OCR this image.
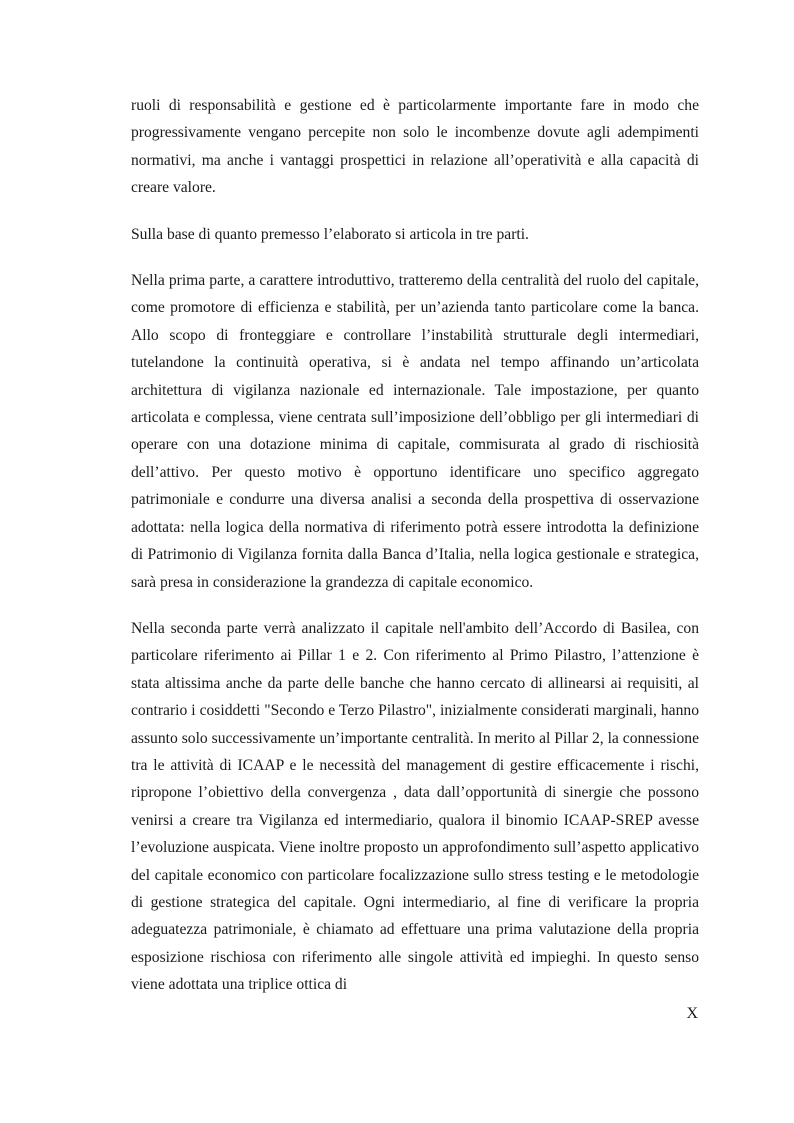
ruoli di responsabilità e gestione ed è particolarmente importante fare in modo che progressivamente vengano percepite non solo le incombenze dovute agli adempimenti normativi, ma anche i vantaggi prospettici in relazione all’operatività e alla capacità di creare valore.

Sulla base di quanto premesso l’elaborato si articola in tre parti.

Nella prima parte, a carattere introduttivo, tratteremo della centralità del ruolo del capitale, come promotore di efficienza e stabilità, per un’azienda tanto particolare come la banca. Allo scopo di fronteggiare e controllare l’instabilità strutturale degli intermediari, tutelandone la continuità operativa, si è andata nel tempo affinando un’articolata architettura di vigilanza nazionale ed internazionale. Tale impostazione, per quanto articolata e complessa, viene centrata sull’imposizione dell’obbligo per gli intermediari di operare con una dotazione minima di capitale, commisurata al grado di rischiosità dell’attivo. Per questo motivo è opportuno identificare uno specifico aggregato patrimoniale e condurre una diversa analisi a seconda della prospettiva di osservazione adottata: nella logica della normativa di riferimento potrà essere introdotta la definizione di Patrimonio di Vigilanza fornita dalla Banca d’Italia, nella logica gestionale e strategica, sarà presa in considerazione la grandezza di capitale economico.

Nella seconda parte verrà analizzato il capitale nell'ambito dell’Accordo di Basilea, con particolare riferimento ai Pillar 1 e 2. Con riferimento al Primo Pilastro, l’attenzione è stata altissima anche da parte delle banche che hanno cercato di allinearsi ai requisiti, al contrario i cosiddetti "Secondo e Terzo Pilastro", inizialmente considerati marginali, hanno assunto solo successivamente un’importante centralità. In merito al Pillar 2, la connessione tra le attività di ICAAP e le necessità del management di gestire efficacemente i rischi, ripropone l’obiettivo della convergenza , data dall’opportunità di sinergie che possono venirsi a creare tra Vigilanza ed intermediario, qualora il binomio ICAAP-SREP avesse l’evoluzione auspicata. Viene inoltre proposto un approfondimento sull’aspetto applicativo del capitale economico con particolare focalizzazione sullo stress testing e le metodologie di gestione strategica del capitale. Ogni intermediario, al fine di verificare la propria adeguatezza patrimoniale, è chiamato ad effettuare una prima valutazione della propria esposizione rischiosa con riferimento alle singole attività ed impieghi. In questo senso viene adottata una triplice ottica di

X
